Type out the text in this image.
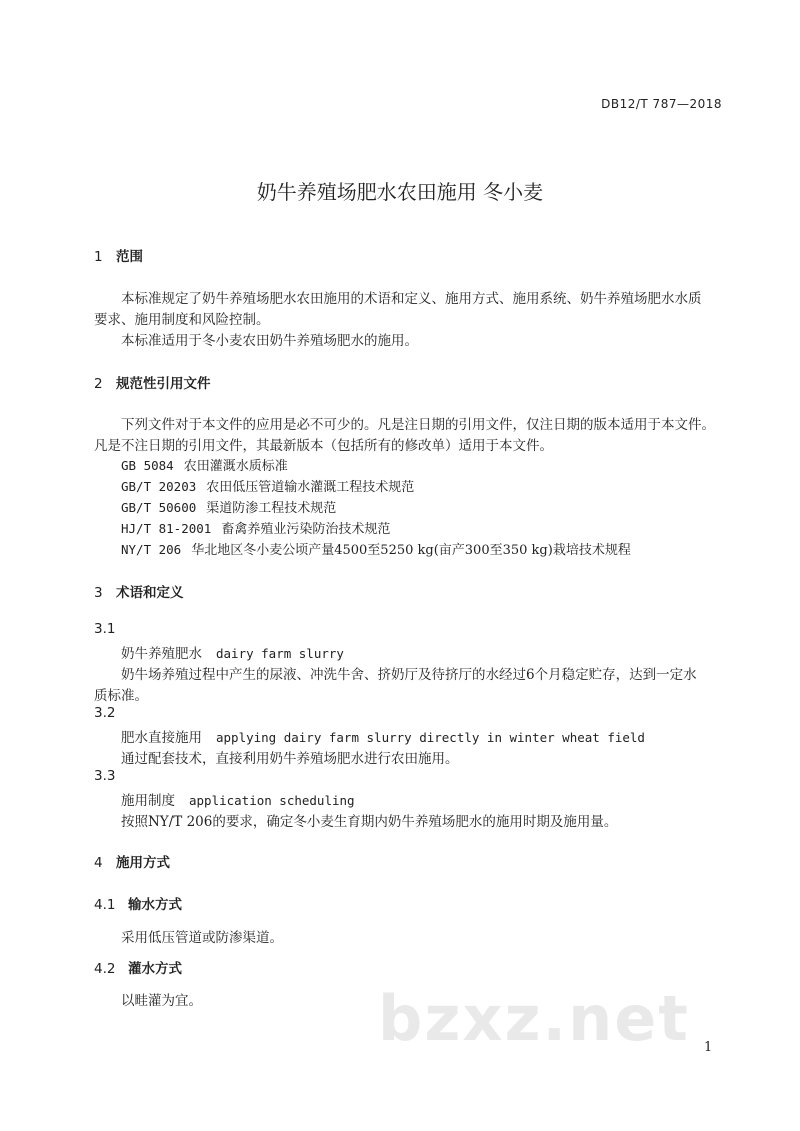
DB12/T 787—2018
奶牛养殖场肥水农田施用 冬小麦
1 范围
本标准规定了奶牛养殖场肥水农田施用的术语和定义、施用方式、施用系统、奶牛养殖场肥水水质
要求、施用制度和风险控制。
本标准适用于冬小麦农田奶牛养殖场肥水的施用。
2 规范性引用文件
下列文件对于本文件的应用是必不可少的。凡是注日期的引用文件，仅注日期的版本适用于本文件。
凡是不注日期的引用文件，其最新版本（包括所有的修改单）适用于本文件。
GB 5084 农田灌溉水质标准
GB/T 20203 农田低压管道输水灌溉工程技术规范
GB/T 50600 渠道防渗工程技术规范
HJ/T 81-2001 畜禽养殖业污染防治技术规范
NY/T 206 华北地区冬小麦公顷产量4500至5250 kg(亩产300至350 kg)栽培技术规程
3 术语和定义
3.1
奶牛养殖肥水 dairy farm slurry
奶牛场养殖过程中产生的尿液、冲洗牛舍、挤奶厅及待挤厅的水经过6个月稳定贮存，达到一定水
质标准。
3.2
肥水直接施用 applying dairy farm slurry directly in winter wheat field
通过配套技术，直接利用奶牛养殖场肥水进行农田施用。
3.3
施用制度 application scheduling
按照NY/T 206的要求，确定冬小麦生育期内奶牛养殖场肥水的施用时期及施用量。
4 施用方式
4.1 输水方式
采用低压管道或防渗渠道。
4.2 灌水方式
以畦灌为宜。	bzxz.net 1
